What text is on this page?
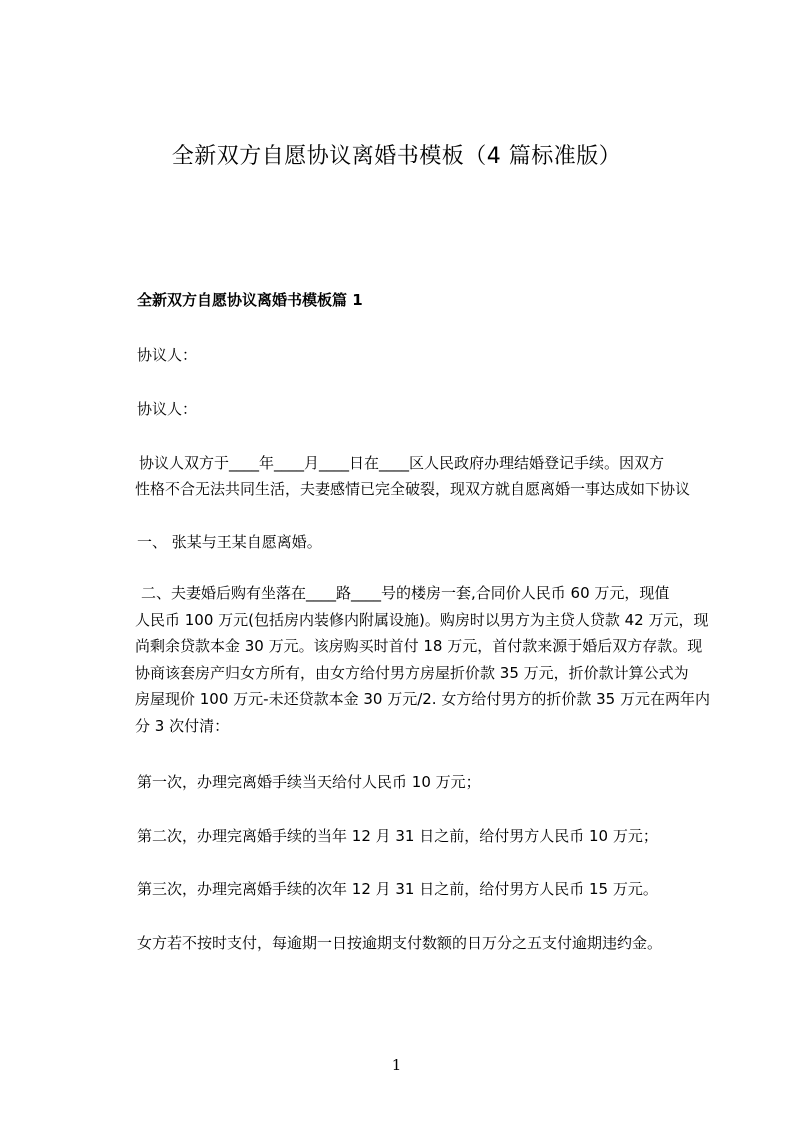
全新双方自愿协议离婚书模板（4 篇标准版）
全新双方自愿协议离婚书模板篇 1
协议人：
协议人：
协议人双方于____年____月____日在____区人民政府办理结婚登记手续。因双方
性格不合无法共同生活，夫妻感情已完全破裂，现双方就自愿离婚一事达成如下协议
一、 张某与王某自愿离婚。
二、夫妻婚后购有坐落在____路____号的楼房一套,合同价人民币 60 万元，现值
人民币 100 万元(包括房内装修内附属设施)。购房时以男方为主贷人贷款 42 万元，现
尚剩余贷款本金 30 万元。该房购买时首付 18 万元，首付款来源于婚后双方存款。现
协商该套房产归女方所有，由女方给付男方房屋折价款 35 万元，折价款计算公式为
房屋现价 100 万元-未还贷款本金 30 万元/2. 女方给付男方的折价款 35 万元在两年内
分 3 次付清：
第一次，办理完离婚手续当天给付人民币 10 万元；
第二次，办理完离婚手续的当年 12 月 31 日之前，给付男方人民币 10 万元；
第三次，办理完离婚手续的次年 12 月 31 日之前，给付男方人民币 15 万元。
女方若不按时支付，每逾期一日按逾期支付数额的日万分之五支付逾期违约金。
1
